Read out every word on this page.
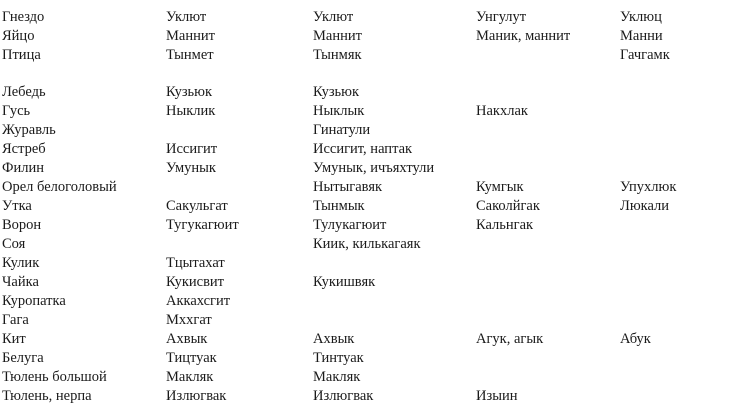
Гнездо	Уклют	Уклют	Унгулут	Уклюц
Яйцо	Маннит	Маннит	Маник, маннит	Манни
Птица	Тынмет	Тынмяк		Гачгамк

Лебедь	Кузьюк	Кузьюк		
Гусь	Ныклик	Ныклык	Накхлак	
Журавль		Гинатули		
Ястреб	Иссигит	Иссигит, наптак		
Филин	Умунык	Умунык, ичъяхтули		
Орел белоголовый		Нытыгавяк	Кумгык	Упухлюк
Утка	Сакульгат	Тынмык	Саколйгак	Люкали
Ворон	Тугукагюит	Тулукагюит	Кальнгак	
Соя		Киик, килькагаяк		
Кулик	Тцытахат			
Чайка	Кукисвит	Кукишвяк		
Куропатка	Аккахсгит			
Гага	Мхxгат			
Кит	Ахвык	Ахвык	Агук, агык	Абук
Белуга	Тицтуак	Тинтуак		
Тюлень большой	Макляк	Макляк		
Тюлень, нерпа	Излюгвак	Излюгвак	Изыин	
